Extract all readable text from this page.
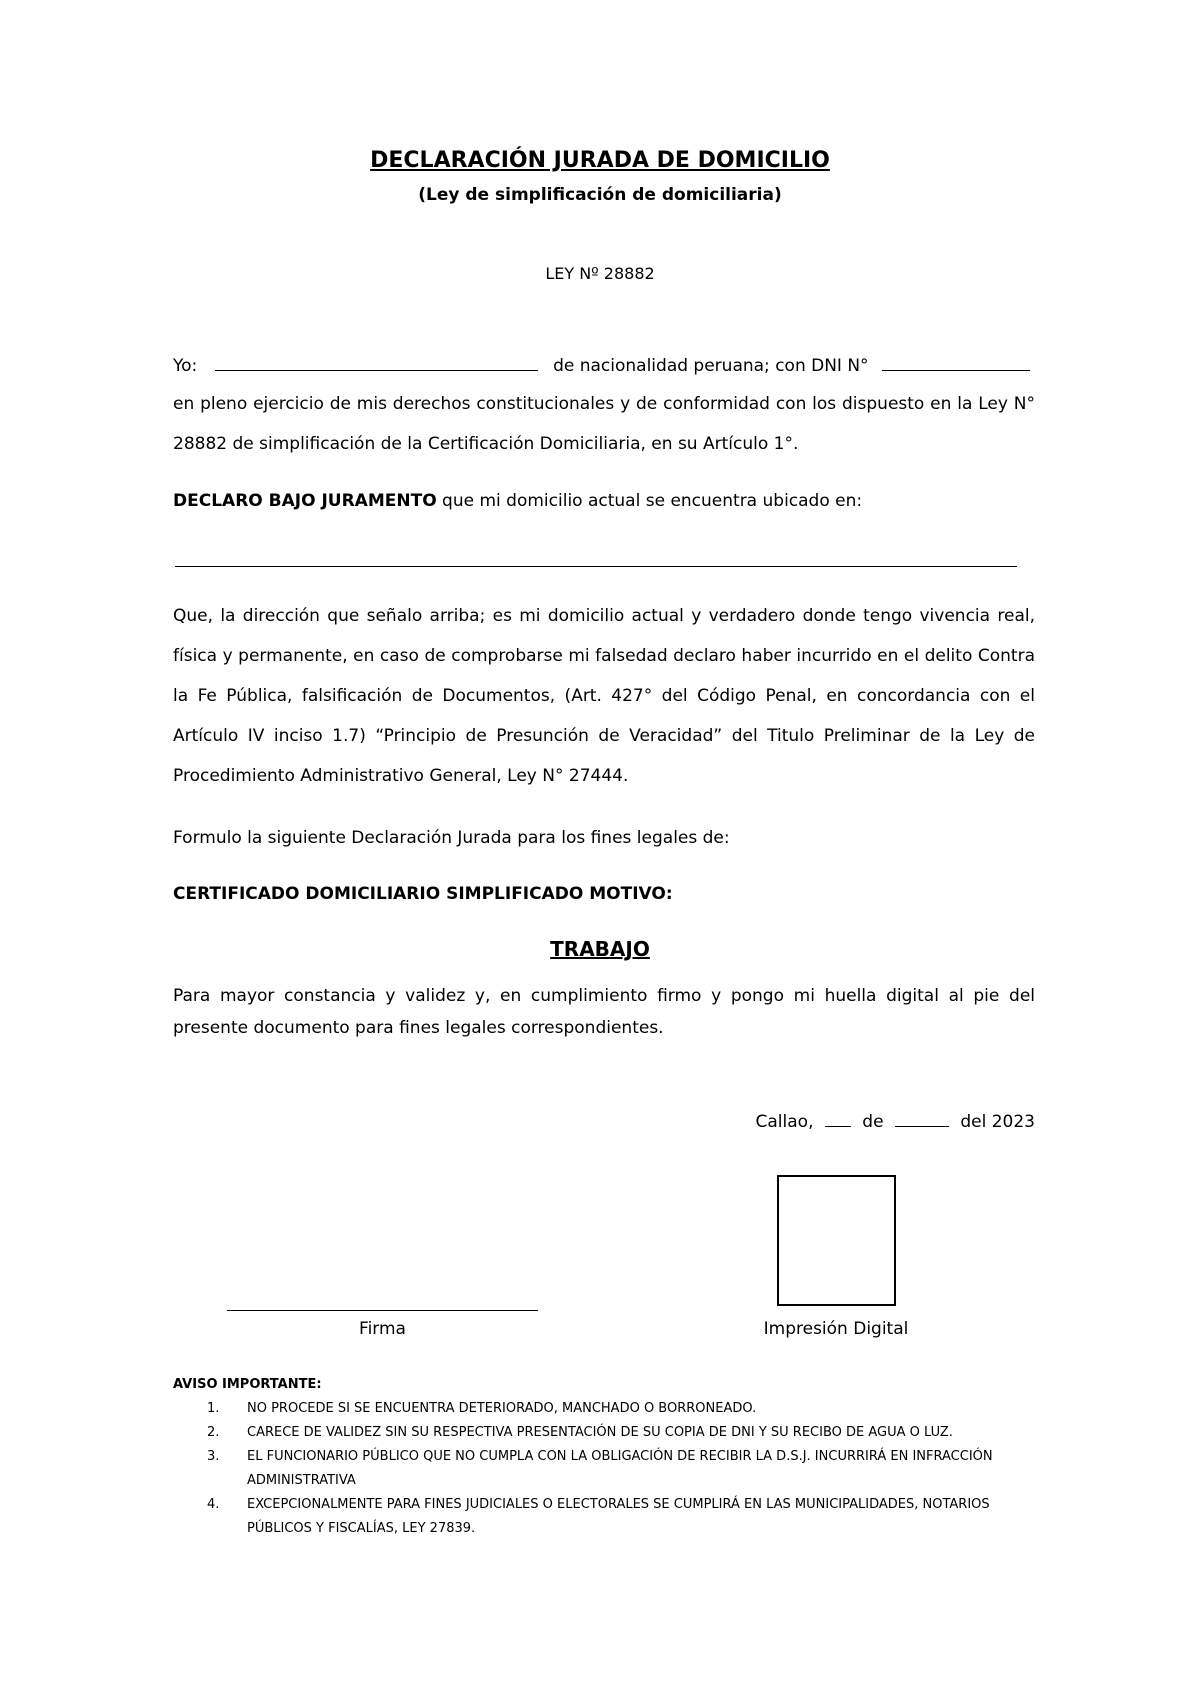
DECLARACIÓN JURADA DE DOMICILIO
(Ley de simplificación de domiciliaria)
LEY Nº 28882
Yo:	de nacionalidad peruana; con DNI N°

en pleno ejercicio de mis derechos constitucionales y de conformidad con los dispuesto en la Ley N° 28882 de simplificación de la Certificación Domiciliaria, en su Artículo 1°.

DECLARO BAJO JURAMENTO que mi domicilio actual se encuentra ubicado en:

Que, la dirección que señalo arriba; es mi domicilio actual y verdadero donde tengo vivencia real, física y permanente, en caso de comprobarse mi falsedad declaro haber incurrido en el delito Contra la Fe Pública, falsificación de Documentos, (Art. 427° del Código Penal, en concordancia con el Artículo IV inciso 1.7) “Principio de Presunción de Veracidad” del Titulo Preliminar de la Ley de Procedimiento Administrativo General, Ley N° 27444.

Formulo la siguiente Declaración Jurada para los fines legales de:
CERTIFICADO DOMICILIARIO SIMPLIFICADO MOTIVO:
TRABAJO

Para mayor constancia y validez y, en cumplimiento firmo y pongo mi huella digital al pie del presente documento para fines legales correspondientes.

Callao,	de	del 2023
Firma	Impresión Digital
AVISO IMPORTANTE:
1. NO PROCEDE SI SE ENCUENTRA DETERIORADO, MANCHADO O BORRONEADO.
2. CARECE DE VALIDEZ SIN SU RESPECTIVA PRESENTACIÓN DE SU COPIA DE DNI Y SU RECIBO DE AGUA O LUZ.
3. EL FUNCIONARIO PÚBLICO QUE NO CUMPLA CON LA OBLIGACIÓN DE RECIBIR LA D.S.J. INCURRIRÁ EN INFRACCIÓN ADMINISTRATIVA
4. EXCEPCIONALMENTE PARA FINES JUDICIALES O ELECTORALES SE CUMPLIRÁ EN LAS MUNICIPALIDADES, NOTARIOS PÚBLICOS Y FISCALÍAS, LEY 27839.
